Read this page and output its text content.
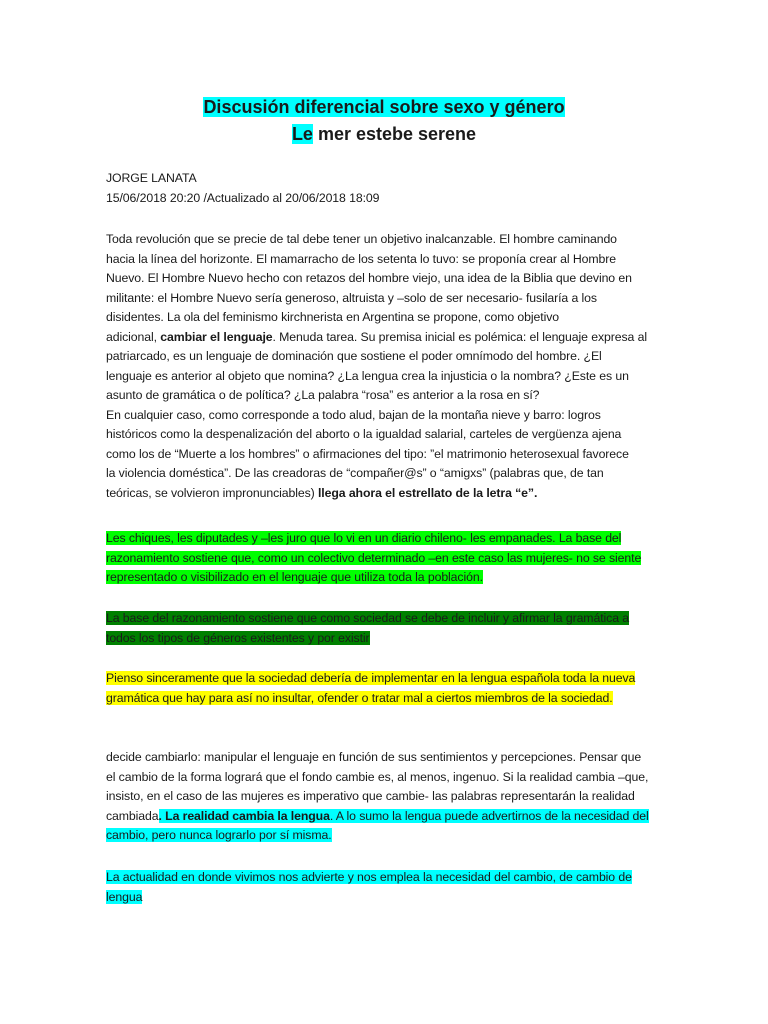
Discusión diferencial sobre sexo y género
Le mer estebe serene
JORGE LANATA
15/06/2018 20:20 /Actualizado al 20/06/2018 18:09
Toda revolución que se precie de tal debe tener un objetivo inalcanzable. El hombre caminando
hacia la línea del horizonte. El mamarracho de los setenta lo tuvo: se proponía crear al Hombre
Nuevo. El Hombre Nuevo hecho con retazos del hombre viejo, una idea de la Biblia que devino en
militante: el Hombre Nuevo sería generoso, altruista y –solo de ser necesario- fusilaría a los
disidentes. La ola del feminismo kirchnerista en Argentina se propone, como objetivo
adicional, cambiar el lenguaje. Menuda tarea. Su premisa inicial es polémica: el lenguaje expresa al
patriarcado, es un lenguaje de dominación que sostiene el poder omnímodo del hombre. ¿El
lenguaje es anterior al objeto que nomina? ¿La lengua crea la injusticia o la nombra? ¿Este es un
asunto de gramática o de política? ¿La palabra “rosa” es anterior a la rosa en sí?
En cualquier caso, como corresponde a todo alud, bajan de la montaña nieve y barro: logros
históricos como la despenalización del aborto o la igualdad salarial, carteles de vergüenza ajena
como los de “Muerte a los hombres” o afirmaciones del tipo: ”el matrimonio heterosexual favorece
la violencia doméstica”. De las creadoras de “compañer@s” o “amigxs” (palabras que, de tan
teóricas, se volvieron impronunciables) llega ahora el estrellato de la letra “e”.
Les chiques, les diputades y –les juro que lo vi en un diario chileno- les empanades. La base del
razonamiento sostiene que, como un colectivo determinado –en este caso las mujeres- no se siente
representado o visibilizado en el lenguaje que utiliza toda la población.
La base del razonamiento sostiene que como sociedad se debe de incluir y afirmar la gramática a
todos los tipos de géneros existentes y por existir
Pienso sinceramente que la sociedad debería de implementar en la lengua española toda la nueva
gramática que hay para así no insultar, ofender o tratar mal a ciertos miembros de la sociedad.
decide cambiarlo: manipular el lenguaje en función de sus sentimientos y percepciones. Pensar que
el cambio de la forma logrará que el fondo cambie es, al menos, ingenuo. Si la realidad cambia –que,
insisto, en el caso de las mujeres es imperativo que cambie- las palabras representarán la realidad
cambiada. La realidad cambia la lengua. A lo sumo la lengua puede advertirnos de la necesidad del
cambio, pero nunca lograrlo por sí misma.
La actualidad en donde vivimos nos advierte y nos emplea la necesidad del cambio, de cambio de
lengua
